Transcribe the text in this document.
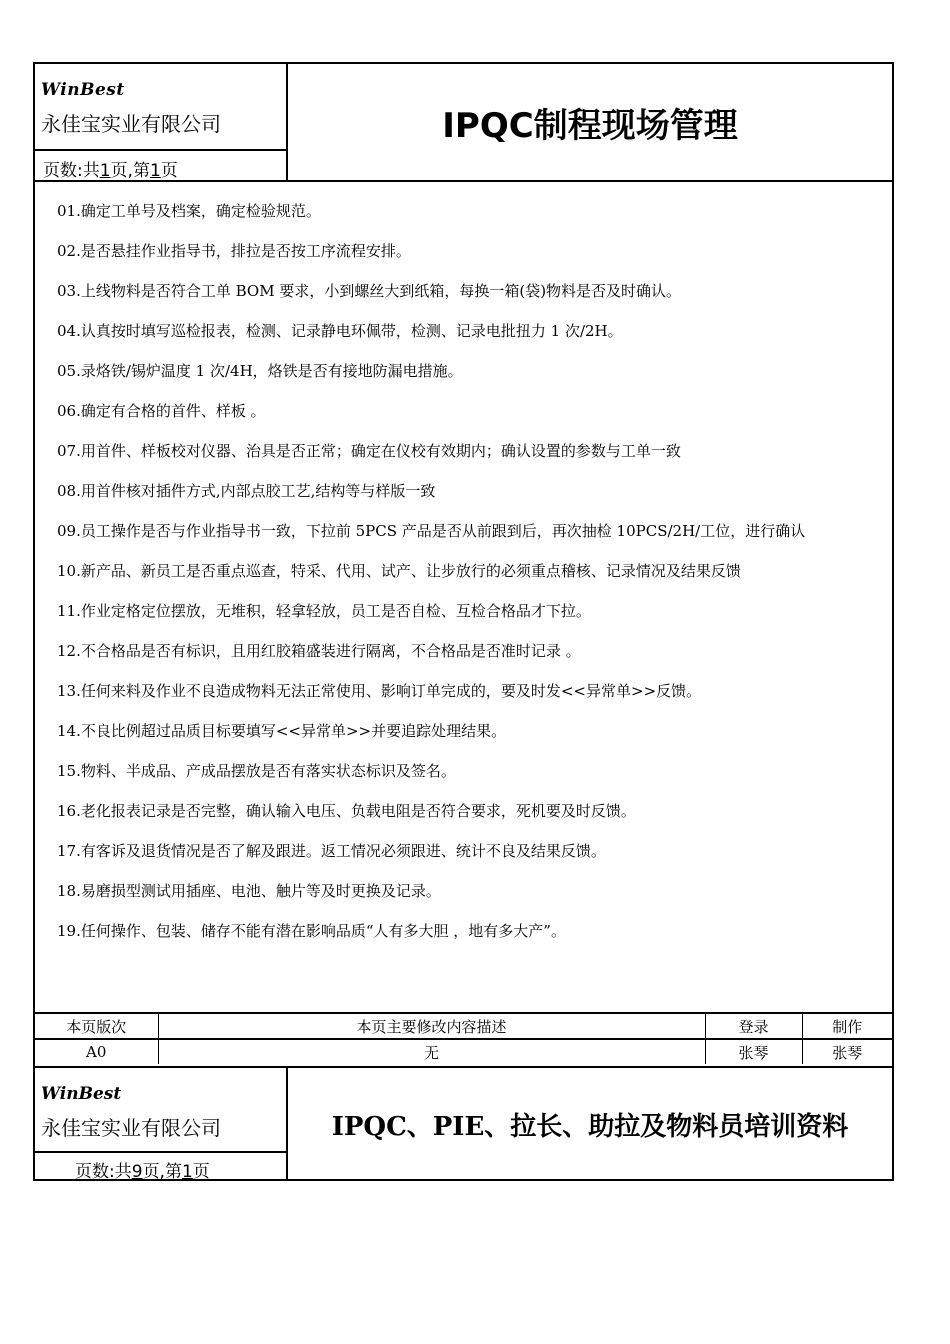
WinBest
永佳宝实业有限公司
页数:共1页,第1页
IPQC制程现场管理
01.确定工单号及档案，确定检验规范。
02.是否悬挂作业指导书，排拉是否按工序流程安排。
03.上线物料是否符合工单 BOM 要求，小到螺丝大到纸箱，每换一箱(袋)物料是否及时确认。
04.认真按时填写巡检报表，检测、记录静电环佩带，检测、记录电批扭力 1 次/2H。
05.录烙铁/锡炉温度 1 次/4H，烙铁是否有接地防漏电措施。
06.确定有合格的首件、样板 。
07.用首件、样板校对仪器、治具是否正常；确定在仪校有效期内；确认设置的参数与工单一致
08.用首件核对插件方式,内部点胶工艺,结构等与样版一致
09.员工操作是否与作业指导书一致，下拉前 5PCS 产品是否从前跟到后，再次抽检 10PCS/2H/工位，进行确认
10.新产品、新员工是否重点巡查，特采、代用、试产、让步放行的必须重点稽核、记录情况及结果反馈
11.作业定格定位摆放，无堆积，轻拿轻放，员工是否自检、互检合格品才下拉。
12.不合格品是否有标识，且用红胶箱盛装进行隔离，不合格品是否准时记录 。
13.任何来料及作业不良造成物料无法正常使用、影响订单完成的，要及时发<<异常单>>反馈。
14.不良比例超过品质目标要填写<<异常单>>并要追踪处理结果。
15.物料、半成品、产成品摆放是否有落实状态标识及签名。
16.老化报表记录是否完整，确认输入电压、负载电阻是否符合要求，死机要及时反馈。
17.有客诉及退货情况是否了解及跟进。返工情况必须跟进、统计不良及结果反馈。
18.易磨损型测试用插座、电池、触片等及时更换及记录。
19.任何操作、包装、储存不能有潜在影响品质“人有多大胆 ，地有多大产”。
本页版次	本页主要修改内容描述	登录	制作
A0	无	张琴	张琴
WinBest
永佳宝实业有限公司
页数:共9页,第1页
IPQC、PIE、拉长、助拉及物料员培训资料
